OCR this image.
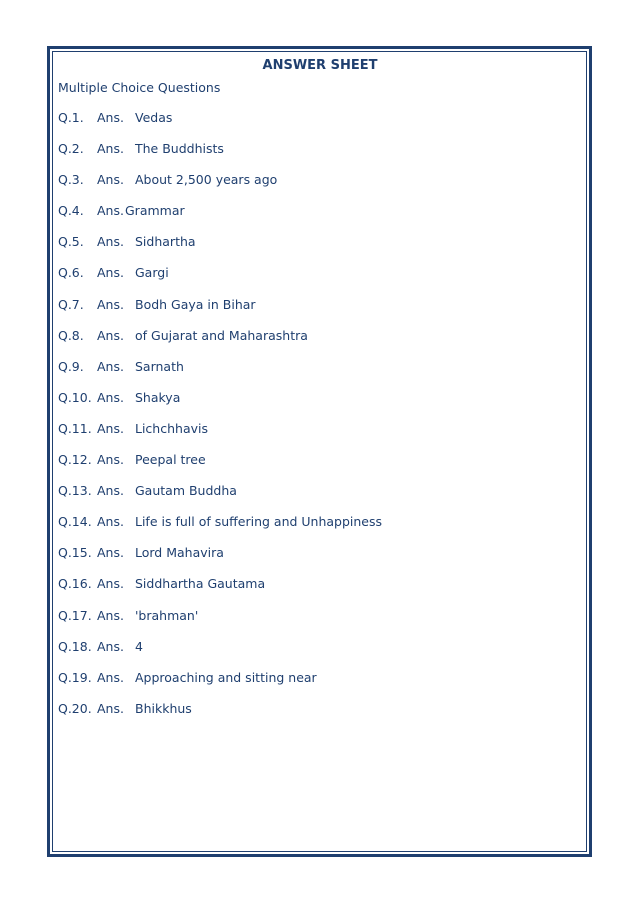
ANSWER SHEET
Multiple Choice Questions
Q.1. Ans. Vedas
Q.2. Ans. The Buddhists
Q.3. Ans. About 2,500 years ago
Q.4. Ans. Grammar
Q.5. Ans. Sidhartha
Q.6. Ans. Gargi
Q.7. Ans. Bodh Gaya in Bihar
Q.8. Ans. of Gujarat and Maharashtra
Q.9. Ans. Sarnath
Q.10. Ans. Shakya
Q.11. Ans. Lichchhavis
Q.12. Ans. Peepal tree
Q.13. Ans. Gautam Buddha
Q.14. Ans. Life is full of suffering and Unhappiness
Q.15. Ans. Lord Mahavira
Q.16. Ans. Siddhartha Gautama
Q.17. Ans. 'brahman'
Q.18. Ans. 4
Q.19. Ans. Approaching and sitting near
Q.20. Ans. Bhikkhus
